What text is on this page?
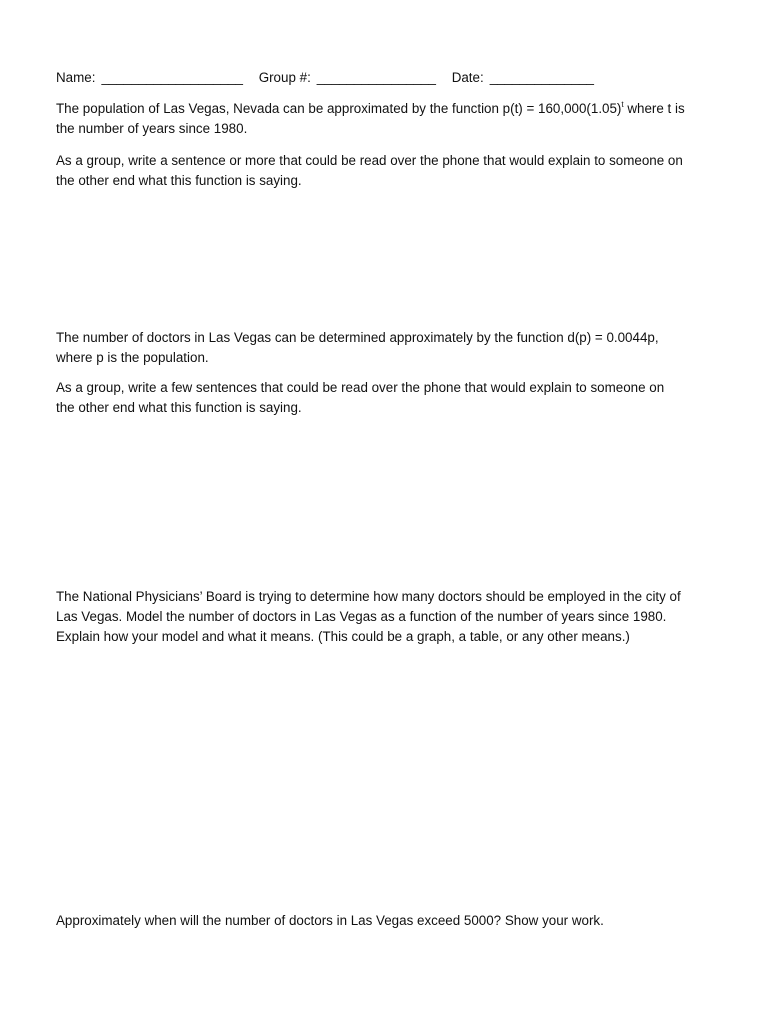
Name: ___________________ Group #: ________________ Date: ______________
The population of Las Vegas, Nevada can be approximated by the function $p(t) = 160,000(1.05)^t$ where t is
the number of years since 1980.
As a group, write a sentence or more that could be read over the phone that would explain to someone on
the other end what this function is saying.
The number of doctors in Las Vegas can be determined approximately by the function d(p) = 0.0044p,
where p is the population.
As a group, write a few sentences that could be read over the phone that would explain to someone on
the other end what this function is saying.
The National Physicians’ Board is trying to determine how many doctors should be employed in the city of
Las Vegas. Model the number of doctors in Las Vegas as a function of the number of years since 1980.
Explain how your model and what it means. (This could be a graph, a table, or any other means.)
Approximately when will the number of doctors in Las Vegas exceed 5000? Show your work.
